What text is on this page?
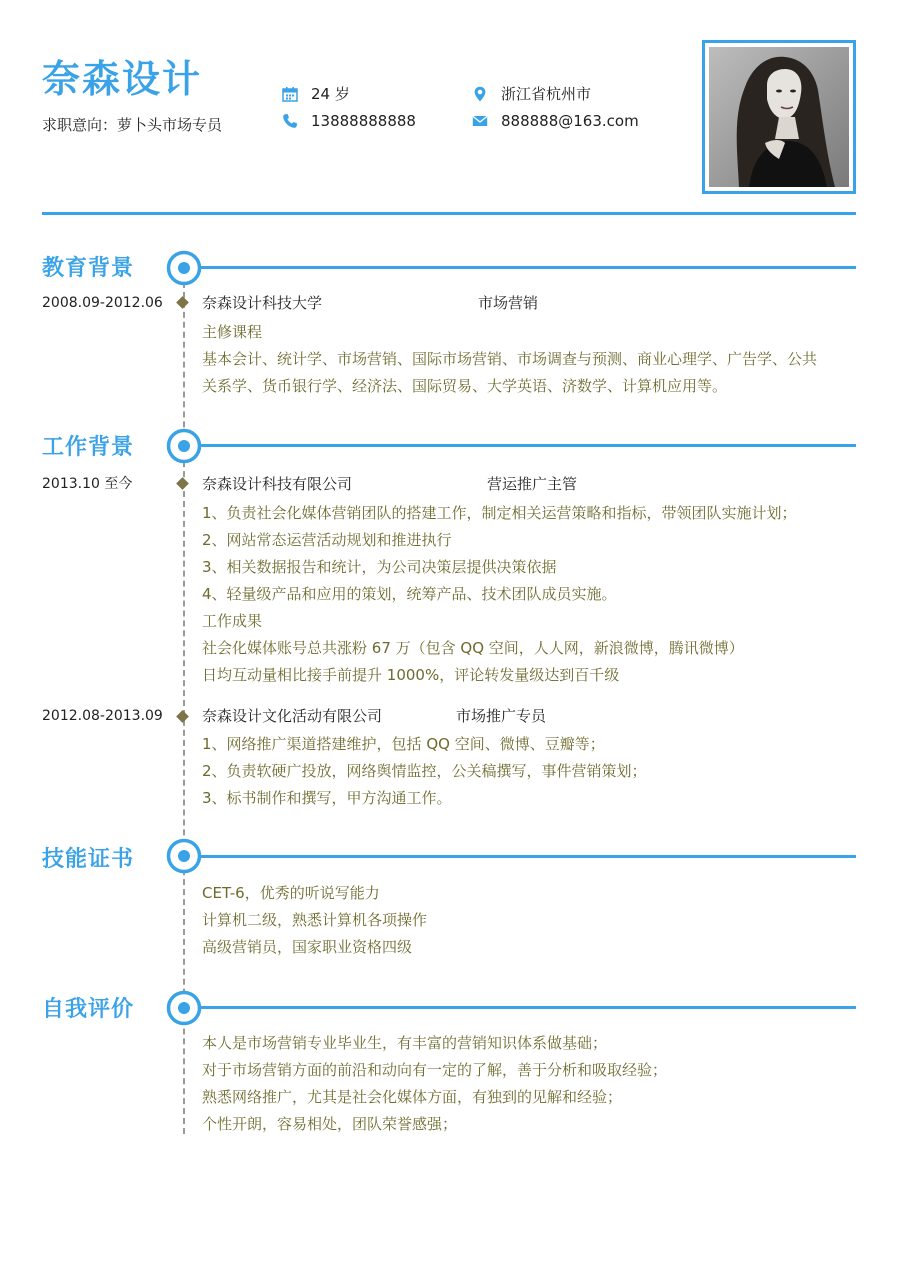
奈森设计
求职意向：萝卜头市场专员
24 岁
13888888888
浙江省杭州市
888888@163.com
教育背景
2008.09-2012.06	奈森设计科技大学	市场营销
主修课程
基本会计、统计学、市场营销、国际市场营销、市场调查与预测、商业心理学、广告学、公共
关系学、货币银行学、经济法、国际贸易、大学英语、济数学、计算机应用等。
工作背景
2013.10 至今	奈森设计科技有限公司	营运推广主管
1、负责社会化媒体营销团队的搭建工作，制定相关运营策略和指标，带领团队实施计划；
2、网站常态运营活动规划和推进执行
3、相关数据报告和统计，为公司决策层提供决策依据
4、轻量级产品和应用的策划，统筹产品、技术团队成员实施。
工作成果
社会化媒体账号总共涨粉 67 万（包含 QQ 空间，人人网，新浪微博，腾讯微博）
日均互动量相比接手前提升 1000%，评论转发量级达到百千级
2012.08-2013.09	奈森设计文化活动有限公司	市场推广专员
1、网络推广渠道搭建维护，包括 QQ 空间、微博、豆瓣等；
2、负责软硬广投放，网络舆情监控，公关稿撰写，事件营销策划；
3、标书制作和撰写，甲方沟通工作。
技能证书
CET-6，优秀的听说写能力
计算机二级，熟悉计算机各项操作
高级营销员，国家职业资格四级
自我评价
本人是市场营销专业毕业生，有丰富的营销知识体系做基础；
对于市场营销方面的前沿和动向有一定的了解，善于分析和吸取经验；
熟悉网络推广，尤其是社会化媒体方面，有独到的见解和经验；
个性开朗，容易相处，团队荣誉感强；
